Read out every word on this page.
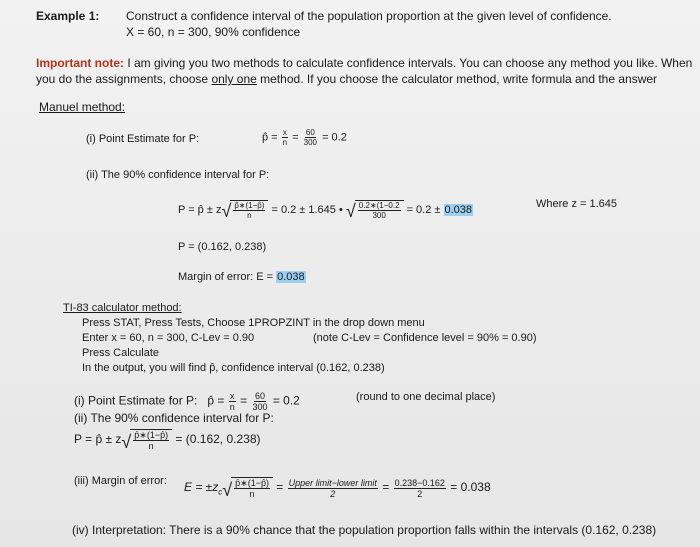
Example 1: Construct a confidence interval of the population proportion at the given level of confidence.
X = 60, n = 300, 90% confidence
Important note: I am giving you two methods to calculate confidence intervals. You can choose any method you like. When
you do the assignments, choose only one method. If you choose the calculator method, write formula and the answer
Manuel method:
(i) Point Estimate for P:	p̂ = $\frac{x}{n} = \frac{60}{300} = 0.2$
(ii) The 90% confidence interval for P:
P = p̂ ± z √ $\frac{p̂∗(1-p̂)}{n} = 0.2 \pm 1.645$ • √ $\frac{0.2∗(1-0.2}{300} = 0.2 \pm 0.038$	Where z = 1.645
P = (0.162, 0.238)
Margin of error: E = 0.038
TI-83 calculator method:
Press STAT, Press Tests, Choose 1PROPZINT in the drop down menu
Enter x = 60, n = 300, C-Lev = 0.90	(note C-Lev = Confidence level = 90% = 0.90)
Press Calculate
In the output, you will find p̂, confidence interval (0.162, 0.238)
(i) Point Estimate for P: p̂ = $\frac{x}{n} = \frac{60}{300} = 0.2$	(round to one decimal place)
(ii) The 90% confidence interval for P:
P = p̂ ± z √ $\frac{p̂∗(1-p̂)}{n} = (0.162$, 0.238)
(iii) Margin of error: $E = \pm z_c$ √ $\frac{p̂∗(1-p̂)}{n} = \frac{\text{Upper limit−lower limit}}{2} = \frac{0.238-0.162}{2} = 0.038$
(iv) Interpretation: There is a 90% chance that the population proportion falls within the intervals (0.162, 0.238)
